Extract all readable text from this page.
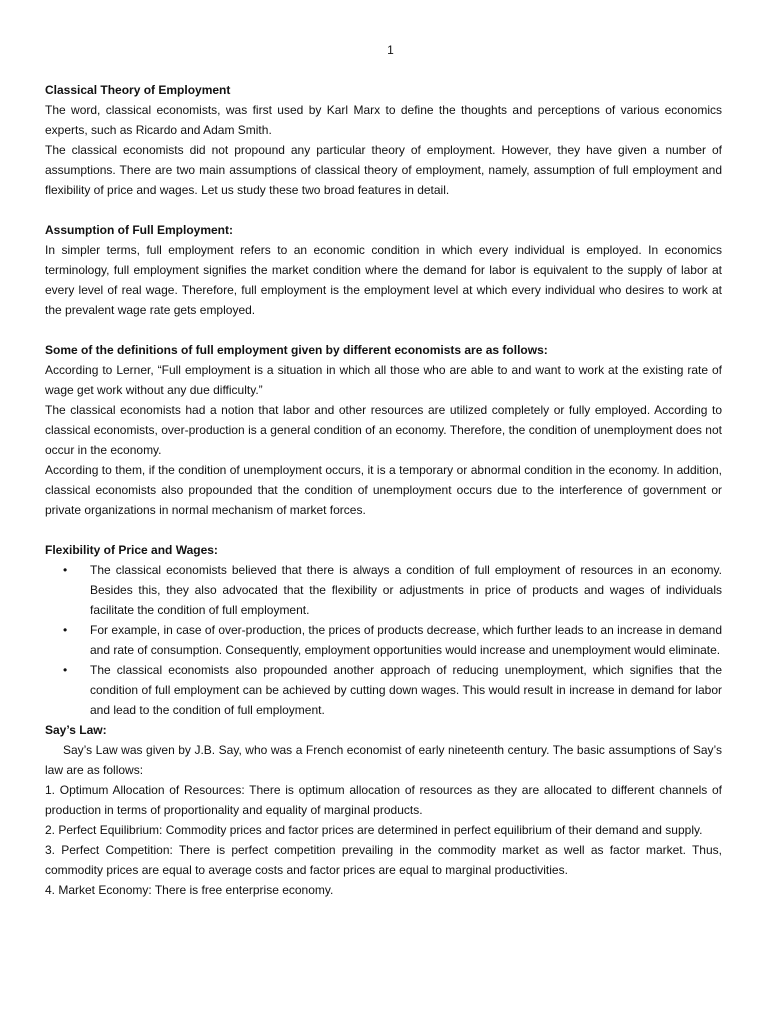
1

Classical Theory of Employment

The word, classical economists, was first used by Karl Marx to define the thoughts and perceptions of various economics experts, such as Ricardo and Adam Smith.

The classical economists did not propound any particular theory of employment. However, they have given a number of assumptions. There are two main assumptions of classical theory of employment, namely, assumption of full employment and flexibility of price and wages. Let us study these two broad features in detail.

Assumption of Full Employment:

In simpler terms, full employment refers to an economic condition in which every individual is employed. In economics terminology, full employment signifies the market condition where the demand for labor is equivalent to the supply of labor at every level of real wage. Therefore, full employment is the employment level at which every individual who desires to work at the prevalent wage rate gets employed.

Some of the definitions of full employment given by different economists are as follows:

According to Lerner, “Full employment is a situation in which all those who are able to and want to work at the existing rate of wage get work without any due difficulty.”

The classical economists had a notion that labor and other resources are utilized completely or fully employed. According to classical economists, over-production is a general condition of an economy. Therefore, the condition of unemployment does not occur in the economy.

According to them, if the condition of unemployment occurs, it is a temporary or abnormal condition in the economy. In addition, classical economists also propounded that the condition of unemployment occurs due to the interference of government or private organizations in normal mechanism of market forces.

Flexibility of Price and Wages:

• The classical economists believed that there is always a condition of full employment of resources in an economy. Besides this, they also advocated that the flexibility or adjustments in price of products and wages of individuals facilitate the condition of full employment.
• For example, in case of over-production, the prices of products decrease, which further leads to an increase in demand and rate of consumption. Consequently, employment opportunities would increase and unemployment would eliminate.
• The classical economists also propounded another approach of reducing unemployment, which signifies that the condition of full employment can be achieved by cutting down wages. This would result in increase in demand for labor and lead to the condition of full employment.

Say’s Law:

Say’s Law was given by J.B. Say, who was a French economist of early nineteenth century. The basic assumptions of Say’s law are as follows:

1. Optimum Allocation of Resources: There is optimum allocation of resources as they are allocated to different channels of production in terms of proportionality and equality of marginal products.

2. Perfect Equilibrium: Commodity prices and factor prices are determined in perfect equilibrium of their demand and supply.

3. Perfect Competition: There is perfect competition prevailing in the commodity market as well as factor market. Thus, commodity prices are equal to average costs and factor prices are equal to marginal productivities.

4. Market Economy: There is free enterprise economy.
